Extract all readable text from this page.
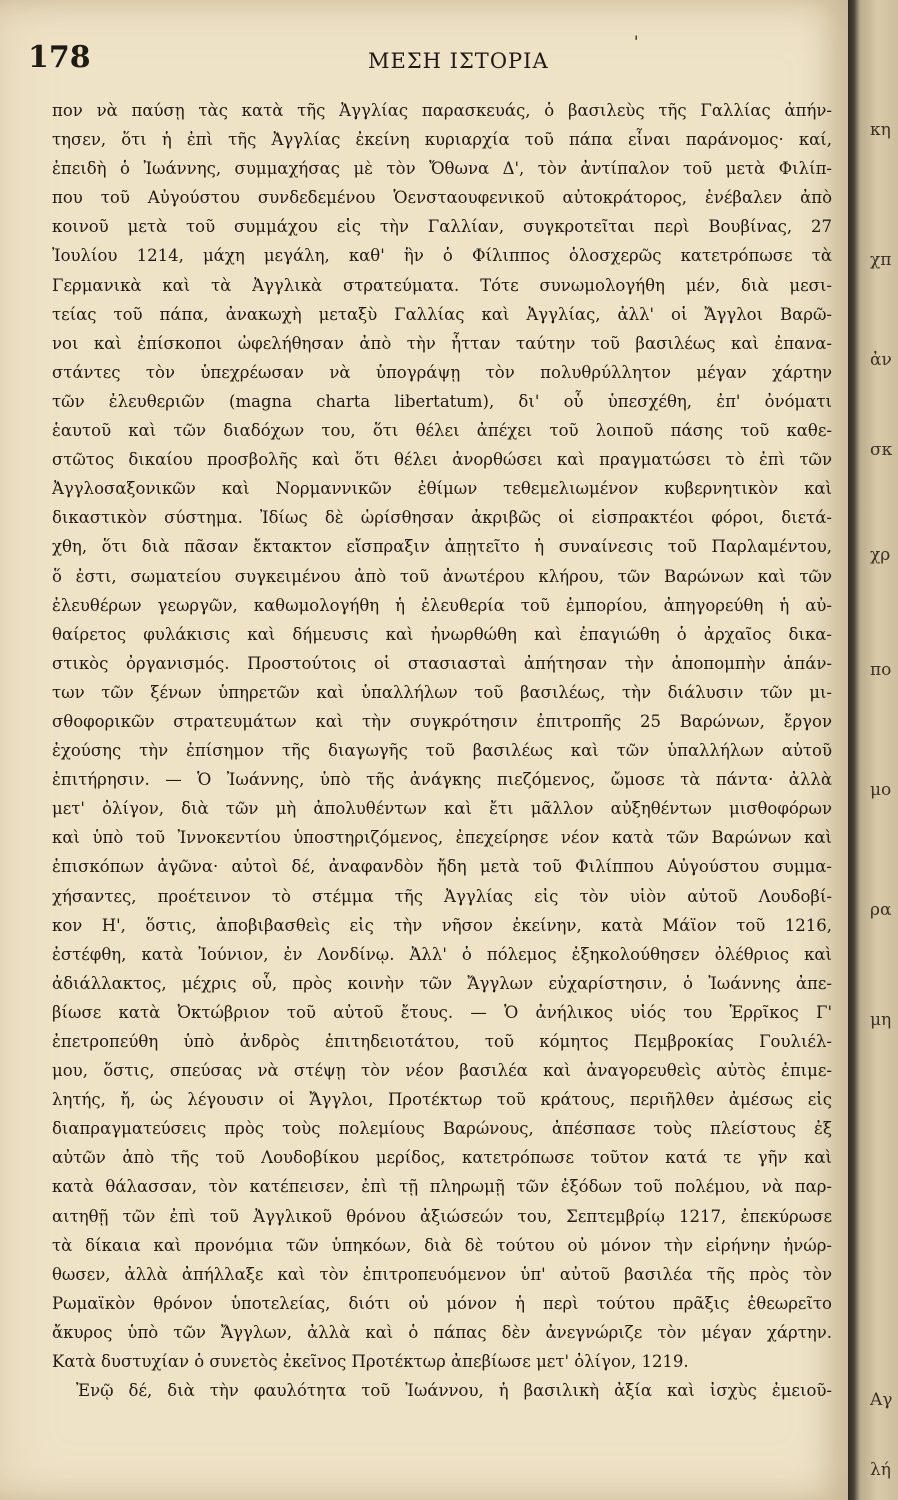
178	ΜΕΣΗ ΙΣΤΟΡΙΑ
'
πον νὰ παύσῃ τὰς κατὰ τῆς Ἀγγλίας παρασκευάς, ὁ βασιλεὺς τῆς Γαλλίας ἀπήν-
τησεν, ὅτι ἡ ἐπὶ τῆς Ἀγγλίας ἐκείνη κυριαρχία τοῦ πάπα εἶναι παράνομος· καί,
ἐπειδὴ ὁ Ἰωάννης, συμμαχήσας μὲ τὸν Ὄθωνα Δ', τὸν ἀντίπαλον τοῦ μετὰ Φιλίπ-
που τοῦ Αὐγούστου συνδεδεμένου Ὁενσταουφενικοῦ αὐτοκράτορος, ἐνέβαλεν ἀπὸ
κοινοῦ μετὰ τοῦ συμμάχου εἰς τὴν Γαλλίαν, συγκροτεῖται περὶ Βουβίνας, 27
Ἰουλίου 1214, μάχη μεγάλη, καθ' ἣν ὁ Φίλιππος ὁλοσχερῶς κατετρόπωσε τὰ
Γερμανικὰ καὶ τὰ Ἀγγλικὰ στρατεύματα. Τότε συνωμολογήθη μέν, διὰ μεσι-
τείας τοῦ πάπα, ἀνακωχὴ μεταξὺ Γαλλίας καὶ Ἀγγλίας, ἀλλ' οἱ Ἄγγλοι Βαρῶ-
νοι καὶ ἐπίσκοποι ὠφελήθησαν ἀπὸ τὴν ἧτταν ταύτην τοῦ βασιλέως καὶ ἐπανα-
στάντες τὸν ὑπεχρέωσαν νὰ ὑπογράψῃ τὸν πολυθρύλλητον μέγαν χάρτην
τῶν ἐλευθεριῶν (magna charta libertatum), δι' οὗ ὑπεσχέθη, ἐπ' ὀνόματι
ἑαυτοῦ καὶ τῶν διαδόχων του, ὅτι θέλει ἀπέχει τοῦ λοιποῦ πάσης τοῦ καθε-
στῶτος δικαίου προσβολῆς καὶ ὅτι θέλει ἀνορθώσει καὶ πραγματώσει τὸ ἐπὶ τῶν
Ἀγγλοσαξονικῶν καὶ Νορμαννικῶν ἐθίμων τεθεμελιωμένον κυβερνητικὸν καὶ
δικαστικὸν σύστημα. Ἰδίως δὲ ὡρίσθησαν ἀκριβῶς οἱ εἰσπρακτέοι φόροι, διετά-
χθη, ὅτι διὰ πᾶσαν ἔκτακτον εἴσπραξιν ἀπῃτεῖτο ἡ συναίνεσις τοῦ Παρλαμέντου,
ὅ ἐστι, σωματείου συγκειμένου ἀπὸ τοῦ ἀνωτέρου κλήρου, τῶν Βαρώνων καὶ τῶν
ἐλευθέρων γεωργῶν, καθωμολογήθη ἡ ἐλευθερία τοῦ ἐμπορίου, ἀπηγορεύθη ἡ αὐ-
θαίρετος φυλάκισις καὶ δήμευσις καὶ ἠνωρθώθη καὶ ἐπαγιώθη ὁ ἀρχαῖος δικα-
στικὸς ὀργανισμός. Προστούτοις οἱ στασιασταὶ ἀπήτησαν τὴν ἀποπομπὴν ἁπάν-
των τῶν ξένων ὑπηρετῶν καὶ ὑπαλλήλων τοῦ βασιλέως, τὴν διάλυσιν τῶν μι-
σθοφορικῶν στρατευμάτων καὶ τὴν συγκρότησιν ἐπιτροπῆς 25 Βαρώνων, ἔργον
ἐχούσης τὴν ἐπίσημον τῆς διαγωγῆς τοῦ βασιλέως καὶ τῶν ὑπαλλήλων αὐτοῦ
ἐπιτήρησιν. — Ὁ Ἰωάννης, ὑπὸ τῆς ἀνάγκης πιεζόμενος, ὤμοσε τὰ πάντα· ἀλλὰ
μετ' ὀλίγον, διὰ τῶν μὴ ἀπολυθέντων καὶ ἔτι μᾶλλον αὐξηθέντων μισθοφόρων
καὶ ὑπὸ τοῦ Ἰννοκεντίου ὑποστηριζόμενος, ἐπεχείρησε νέον κατὰ τῶν Βαρώνων καὶ
ἐπισκόπων ἀγῶνα· αὐτοὶ δέ, ἀναφανδὸν ἤδη μετὰ τοῦ Φιλίππου Αὐγούστου συμμα-
χήσαντες, προέτεινον τὸ στέμμα τῆς Ἀγγλίας εἰς τὸν υἱὸν αὐτοῦ Λουδοβί-
κον Η', ὅστις, ἀποβιβασθεὶς εἰς τὴν νῆσον ἐκείνην, κατὰ Μάϊον τοῦ 1216,
ἐστέφθη, κατὰ Ἰούνιον, ἐν Λονδίνῳ. Ἀλλ' ὁ πόλεμος ἐξηκολούθησεν ὀλέθριος καὶ
ἀδιάλλακτος, μέχρις οὗ, πρὸς κοινὴν τῶν Ἄγγλων εὐχαρίστησιν, ὁ Ἰωάννης ἀπε-
βίωσε κατὰ Ὀκτώβριον τοῦ αὐτοῦ ἔτους. — Ὁ ἀνήλικος υἱός του Ἑρρῖκος Γ'
ἐπετροπεύθη ὑπὸ ἀνδρὸς ἐπιτηδειοτάτου, τοῦ κόμητος Πεμβροκίας Γουλιέλ-
μου, ὅστις, σπεύσας νὰ στέψῃ τὸν νέον βασιλέα καὶ ἀναγορευθεὶς αὐτὸς ἐπιμε-
λητής, ἤ, ὡς λέγουσιν οἱ Ἄγγλοι, Προτέκτωρ τοῦ κράτους, περιῆλθεν ἀμέσως εἰς
διαπραγματεύσεις πρὸς τοὺς πολεμίους Βαρώνους, ἀπέσπασε τοὺς πλείστους ἐξ
αὐτῶν ἀπὸ τῆς τοῦ Λουδοβίκου μερίδος, κατετρόπωσε τοῦτον κατά τε γῆν καὶ
κατὰ θάλασσαν, τὸν κατέπεισεν, ἐπὶ τῇ πληρωμῇ τῶν ἐξόδων τοῦ πολέμου, νὰ παρ-
αιτηθῇ τῶν ἐπὶ τοῦ Ἀγγλικοῦ θρόνου ἀξιώσεών του, Σεπτεμβρίῳ 1217, ἐπεκύρωσε
τὰ δίκαια καὶ προνόμια τῶν ὑπηκόων, διὰ δὲ τούτου οὐ μόνον τὴν εἰρήνην ἠνώρ-
θωσεν, ἀλλὰ ἀπήλλαξε καὶ τὸν ἐπιτροπευόμενον ὑπ' αὐτοῦ βασιλέα τῆς πρὸς τὸν
Ρωμαϊκὸν θρόνον ὑποτελείας, διότι οὐ μόνον ἡ περὶ τούτου πρᾶξις ἐθεωρεῖτο
ἄκυρος ὑπὸ τῶν Ἄγγλων, ἀλλὰ καὶ ὁ πάπας δὲν ἀνεγνώριζε τὸν μέγαν χάρτην.
Κατὰ δυστυχίαν ὁ συνετὸς ἐκεῖνος Προτέκτωρ ἀπεβίωσε μετ' ὀλίγον, 1219.
Ἐνῷ δέ, διὰ τὴν φαυλότητα τοῦ Ἰωάννου, ἡ βασιλικὴ ἀξία καὶ ἰσχὺς ἐμειοῦ-
κη
χπ
ἀν
σκ
χρ
πο
μο
ρα
μη
Αγ
λή
